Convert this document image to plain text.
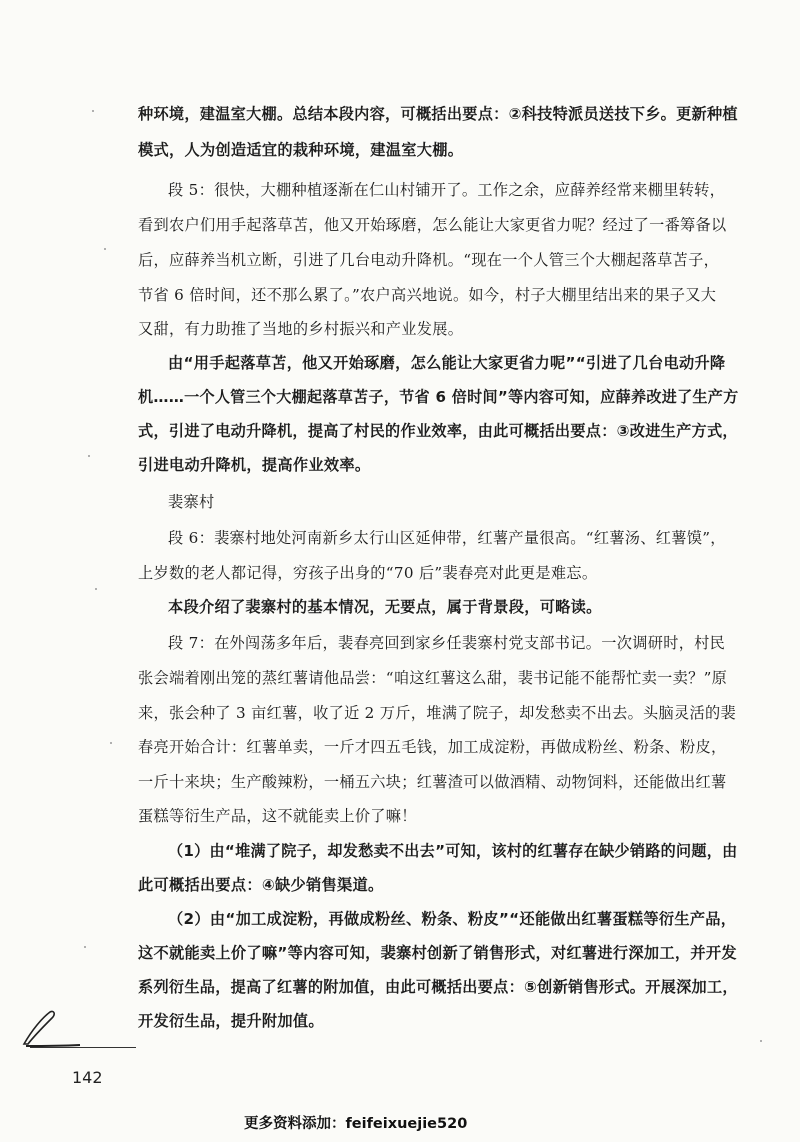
种环境，建温室大棚。总结本段内容，可概括出要点：②科技特派员送技下乡。更新种植
模式，人为创造适宜的栽种环境，建温室大棚。
段 5：很快，大棚种植逐渐在仁山村铺开了。工作之余，应薛养经常来棚里转转，
看到农户们用手起落草苫，他又开始琢磨，怎么能让大家更省力呢？经过了一番筹备以
后，应薛养当机立断，引进了几台电动升降机。“现在一个人管三个大棚起落草苫子，
节省 6 倍时间，还不那么累了。”农户高兴地说。如今，村子大棚里结出来的果子又大
又甜，有力助推了当地的乡村振兴和产业发展。
由“用手起落草苫，他又开始琢磨，怎么能让大家更省力呢”“引进了几台电动升降
机……一个人管三个大棚起落草苫子，节省 6 倍时间”等内容可知，应薛养改进了生产方
式，引进了电动升降机，提高了村民的作业效率，由此可概括出要点：③改进生产方式，
引进电动升降机，提高作业效率。
裴寨村
段 6：裴寨村地处河南新乡太行山区延伸带，红薯产量很高。“红薯汤、红薯馍”，
上岁数的老人都记得，穷孩子出身的“70 后”裴春亮对此更是难忘。
本段介绍了裴寨村的基本情况，无要点，属于背景段，可略读。
段 7：在外闯荡多年后，裴春亮回到家乡任裴寨村党支部书记。一次调研时，村民
张会端着刚出笼的蒸红薯请他品尝：“咱这红薯这么甜，裴书记能不能帮忙卖一卖？”原
来，张会种了 3 亩红薯，收了近 2 万斤，堆满了院子，却发愁卖不出去。头脑灵活的裴
春亮开始合计：红薯单卖，一斤才四五毛钱，加工成淀粉，再做成粉丝、粉条、粉皮，
一斤十来块；生产酸辣粉，一桶五六块；红薯渣可以做酒精、动物饲料，还能做出红薯
蛋糕等衍生产品，这不就能卖上价了嘛！
（1）由“堆满了院子，却发愁卖不出去”可知，该村的红薯存在缺少销路的问题，由
此可概括出要点：④缺少销售渠道。
（2）由“加工成淀粉，再做成粉丝、粉条、粉皮”“还能做出红薯蛋糕等衍生产品，
这不就能卖上价了嘛”等内容可知，裴寨村创新了销售形式，对红薯进行深加工，并开发
系列衍生品，提高了红薯的附加值，由此可概括出要点：⑤创新销售形式。开展深加工，
开发衍生品，提升附加值。
142
更多资料添加：feifeixuejie520
